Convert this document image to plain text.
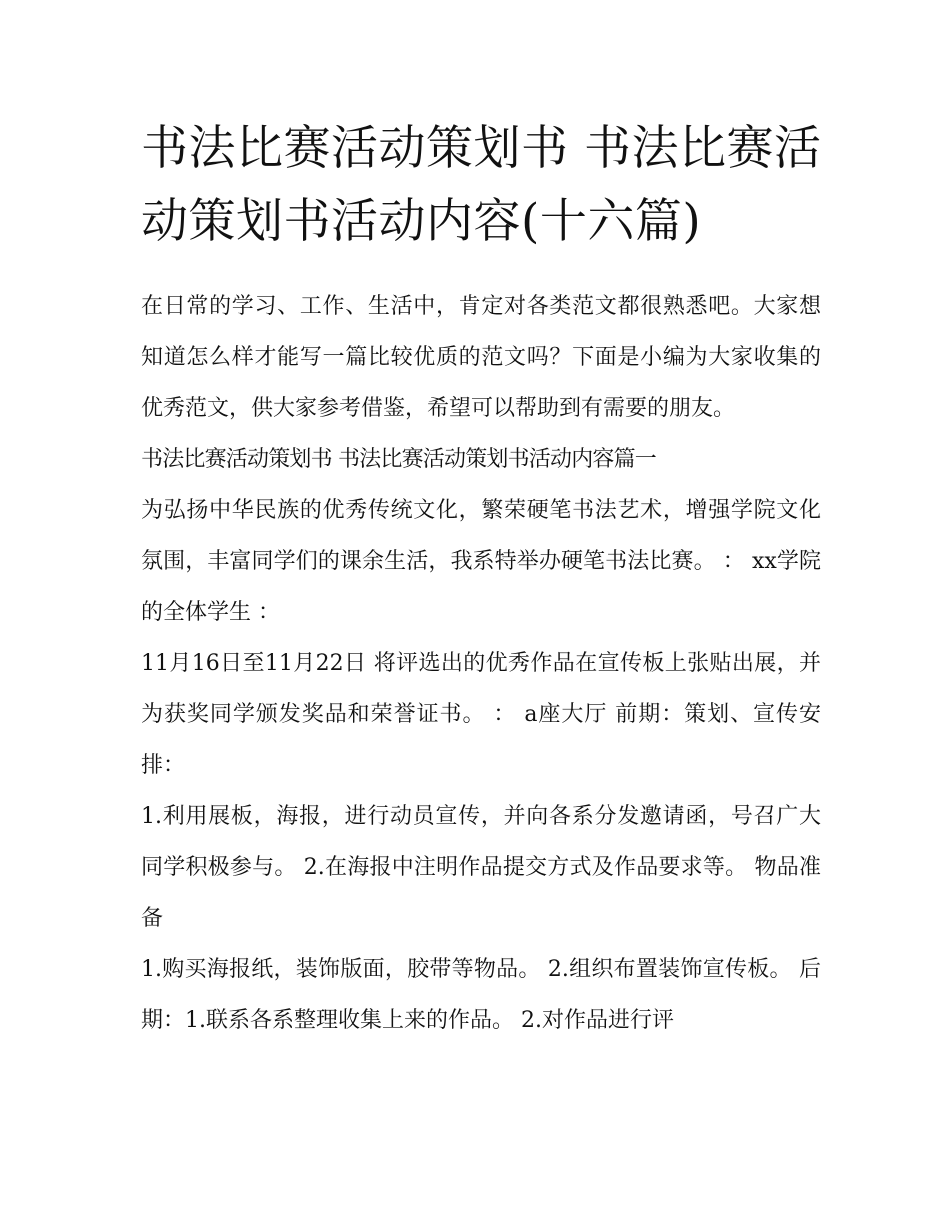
书法比赛活动策划书 书法比赛活动策划书活动内容(十六篇)

在日常的学习、工作、生活中，肯定对各类范文都很熟悉吧。大家想知道怎么样才能写一篇比较优质的范文吗？下面是小编为大家收集的优秀范文，供大家参考借鉴，希望可以帮助到有需要的朋友。

书法比赛活动策划书 书法比赛活动策划书活动内容篇一

为弘扬中华民族的优秀传统文化，繁荣硬笔书法艺术，增强学院文化氛围，丰富同学们的课余生活，我系特举办硬笔书法比赛。 ： xx学院的全体学生 ：

11月16日至11月22日 将评选出的优秀作品在宣传板上张贴出展，并为获奖同学颁发奖品和荣誉证书。 ： a座大厅 前期：策划、宣传安排：

1.利用展板，海报，进行动员宣传，并向各系分发邀请函，号召广大同学积极参与。 2.在海报中注明作品提交方式及作品要求等。 物品准备

1.购买海报纸，装饰版面，胶带等物品。 2.组织布置装饰宣传板。 后期：1.联系各系整理收集上来的作品。 2.对作品进行评
